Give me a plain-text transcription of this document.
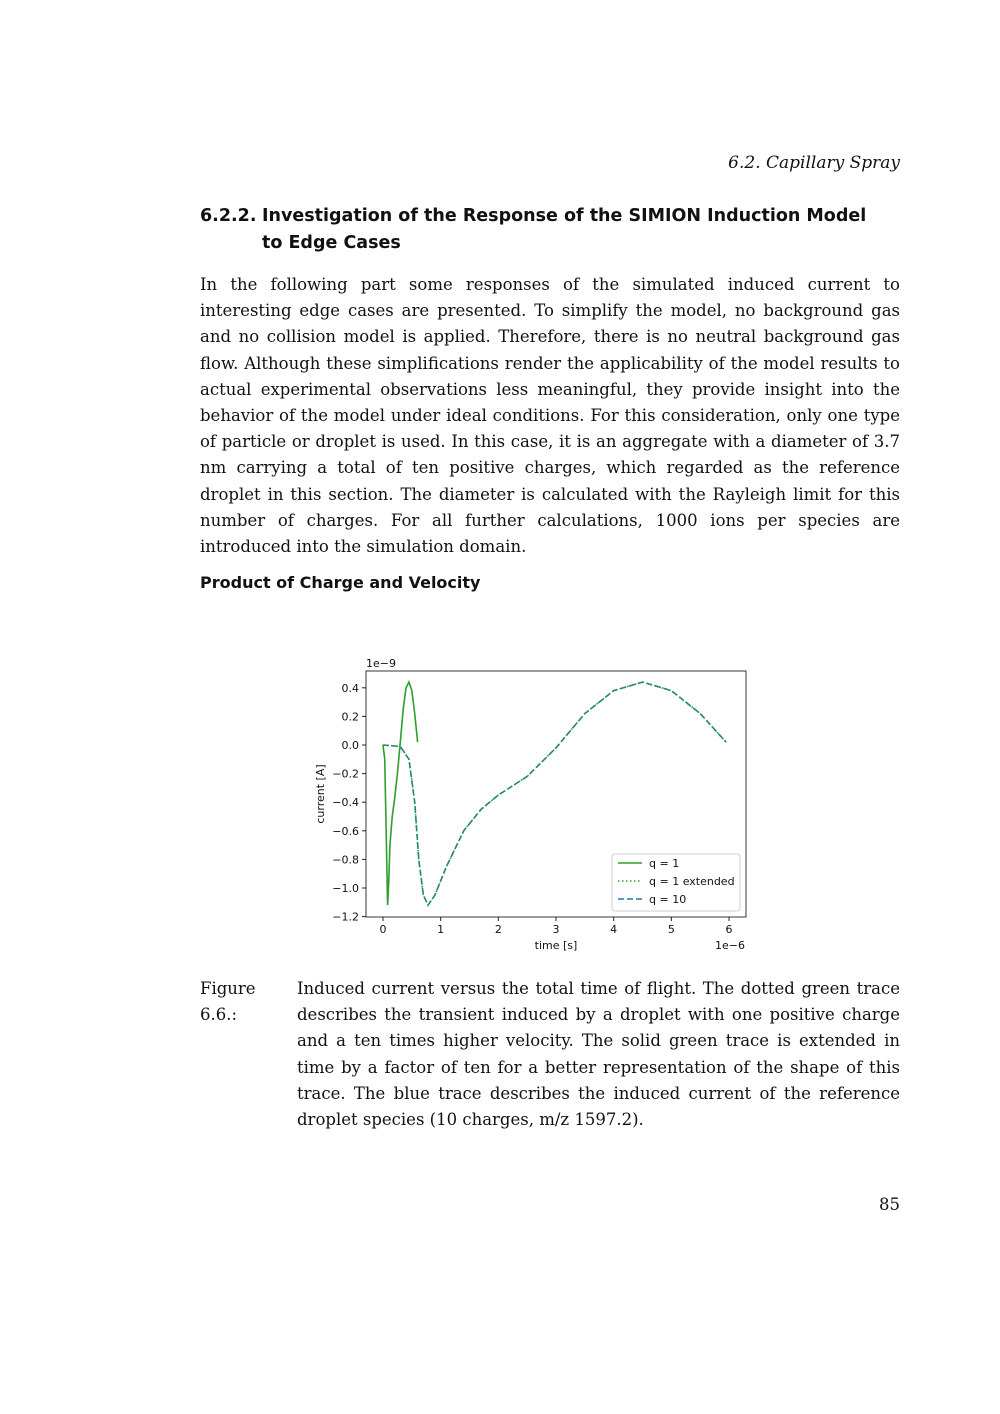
6.2. Capillary Spray
6.2.2. Investigation of the Response of the SIMION Induction Model to Edge Cases
In the following part some responses of the simulated induced current to interesting edge cases are presented. To simplify the model, no background gas and no collision model is applied. Therefore, there is no neutral background gas flow. Although these simplifications render the applicability of the model results to actual experimental observations less meaningful, they provide insight into the behavior of the model under ideal conditions. For this consideration, only one type of particle or droplet is used. In this case, it is an aggregate with a diameter of 3.7 nm carrying a total of ten positive charges, which regarded as the reference droplet in this section. The diameter is calculated with the Rayleigh limit for this number of charges. For all further calculations, 1000 ions per species are introduced into the simulation domain.
Product of Charge and Velocity
0	1	2	3	4	5	6
0.4
0.2
0.0
−0.2
−0.4
−0.6
−0.8
−1.0
−1.2
time [s]
current [A]
1e−6
1e−9
q = 1
q = 1 extended
q = 10
Figure 6.6.:
Induced current versus the total time of flight. The dotted green trace describes the transient induced by a droplet with one positive charge and a ten times higher velocity. The solid green trace is extended in time by a factor of ten for a better representation of the shape of this trace. The blue trace describes the induced current of the reference droplet species (10 charges, m/z 1597.2).
85
